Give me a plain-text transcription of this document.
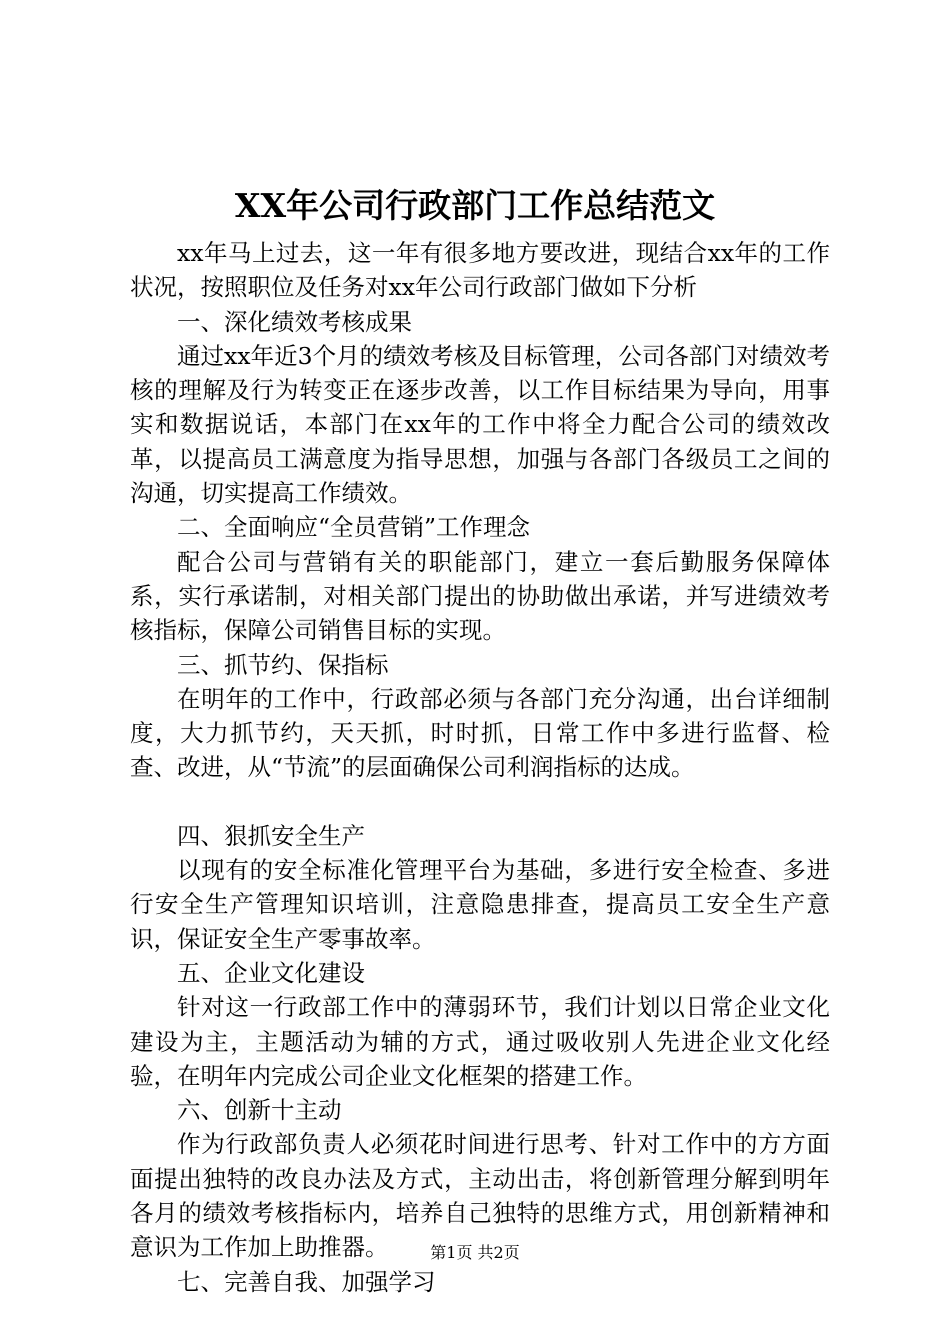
XX年公司行政部门工作总结范文

xx年马上过去，这一年有很多地方要改进，现结合xx年的工作状况，按照职位及任务对xx年公司行政部门做如下分析

一、深化绩效考核成果

通过xx年近3个月的绩效考核及目标管理，公司各部门对绩效考核的理解及行为转变正在逐步改善，以工作目标结果为导向，用事实和数据说话，本部门在xx年的工作中将全力配合公司的绩效改革，以提高员工满意度为指导思想，加强与各部门各级员工之间的沟通，切实提高工作绩效。

二、全面响应“全员营销”工作理念

配合公司与营销有关的职能部门，建立一套后勤服务保障体系，实行承诺制，对相关部门提出的协助做出承诺，并写进绩效考核指标，保障公司销售目标的实现。

三、抓节约、保指标

在明年的工作中，行政部必须与各部门充分沟通，出台详细制度，大力抓节约，天天抓，时时抓，日常工作中多进行监督、检查、改进，从“节流”的层面确保公司利润指标的达成。

四、狠抓安全生产

以现有的安全标准化管理平台为基础，多进行安全检查、多进行安全生产管理知识培训，注意隐患排查，提高员工安全生产意识，保证安全生产零事故率。

五、企业文化建设

针对这一行政部工作中的薄弱环节，我们计划以日常企业文化建设为主，主题活动为辅的方式，通过吸收别人先进企业文化经验，在明年内完成公司企业文化框架的搭建工作。

六、创新十主动

作为行政部负责人必须花时间进行思考、针对工作中的方方面面提出独特的改良办法及方式，主动出击，将创新管理分解到明年各月的绩效考核指标内，培养自己独特的思维方式，用创新精神和意识为工作加上助推器。

七、完善自我、加强学习

第1页 共2页
